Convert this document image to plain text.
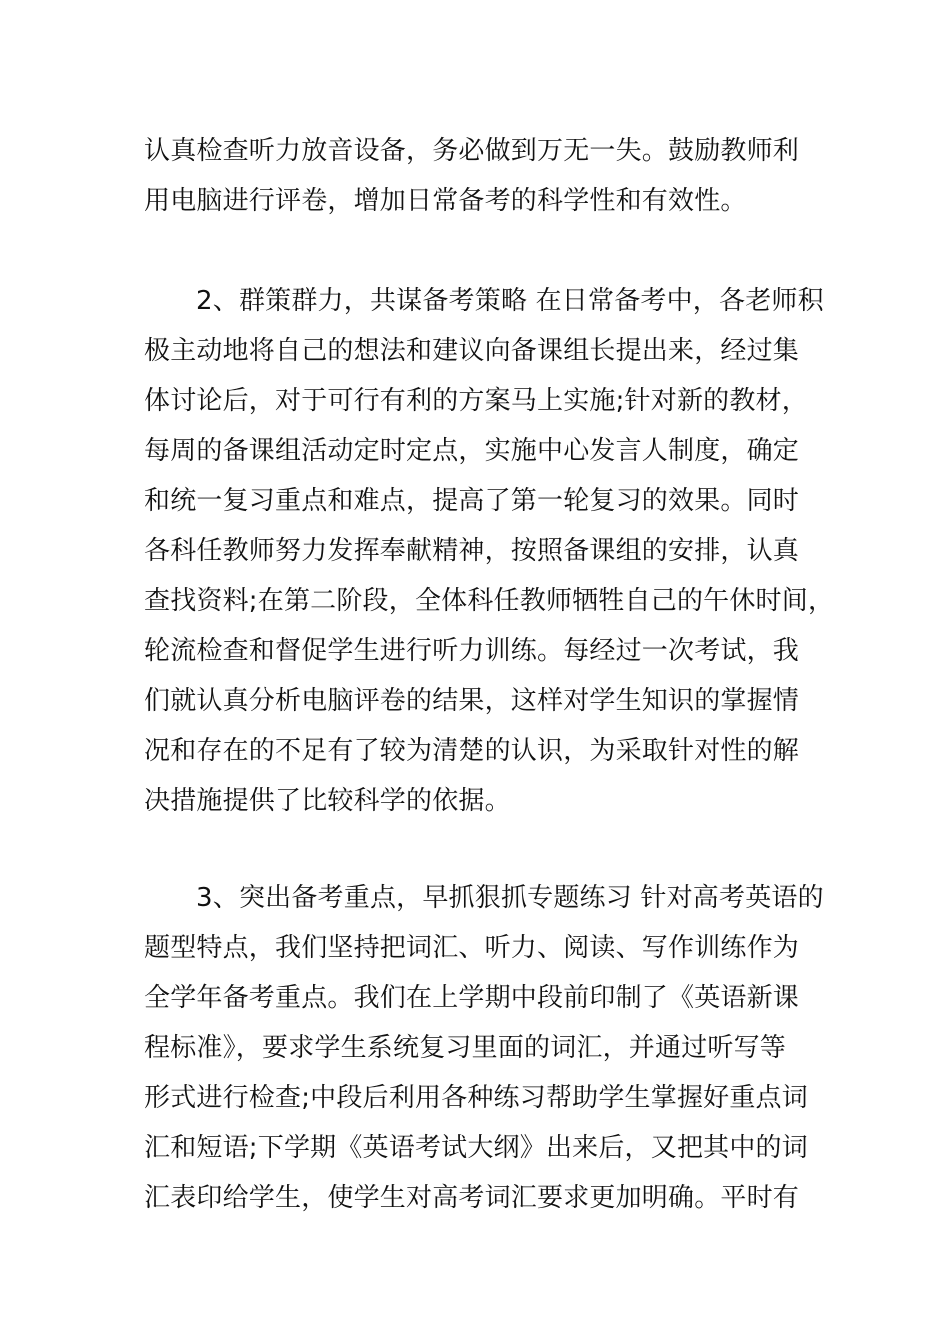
认真检查听力放音设备，务必做到万无一失。鼓励教师利
用电脑进行评卷，增加日常备考的科学性和有效性。
2、群策群力，共谋备考策略 在日常备考中，各老师积
极主动地将自己的想法和建议向备课组长提出来，经过集
体讨论后，对于可行有利的方案马上实施;针对新的教材，
每周的备课组活动定时定点，实施中心发言人制度，确定
和统一复习重点和难点，提高了第一轮复习的效果。同时
各科任教师努力发挥奉献精神，按照备课组的安排，认真
查找资料;在第二阶段，全体科任教师牺牲自己的午休时间，
轮流检查和督促学生进行听力训练。每经过一次考试，我
们就认真分析电脑评卷的结果，这样对学生知识的掌握情
况和存在的不足有了较为清楚的认识，为采取针对性的解
决措施提供了比较科学的依据。
3、突出备考重点，早抓狠抓专题练习 针对高考英语的
题型特点，我们坚持把词汇、听力、阅读、写作训练作为
全学年备考重点。我们在上学期中段前印制了《英语新课
程标准》，要求学生系统复习里面的词汇，并通过听写等
形式进行检查;中段后利用各种练习帮助学生掌握好重点词
汇和短语;下学期《英语考试大纲》出来后，又把其中的词
汇表印给学生，使学生对高考词汇要求更加明确。平时有
